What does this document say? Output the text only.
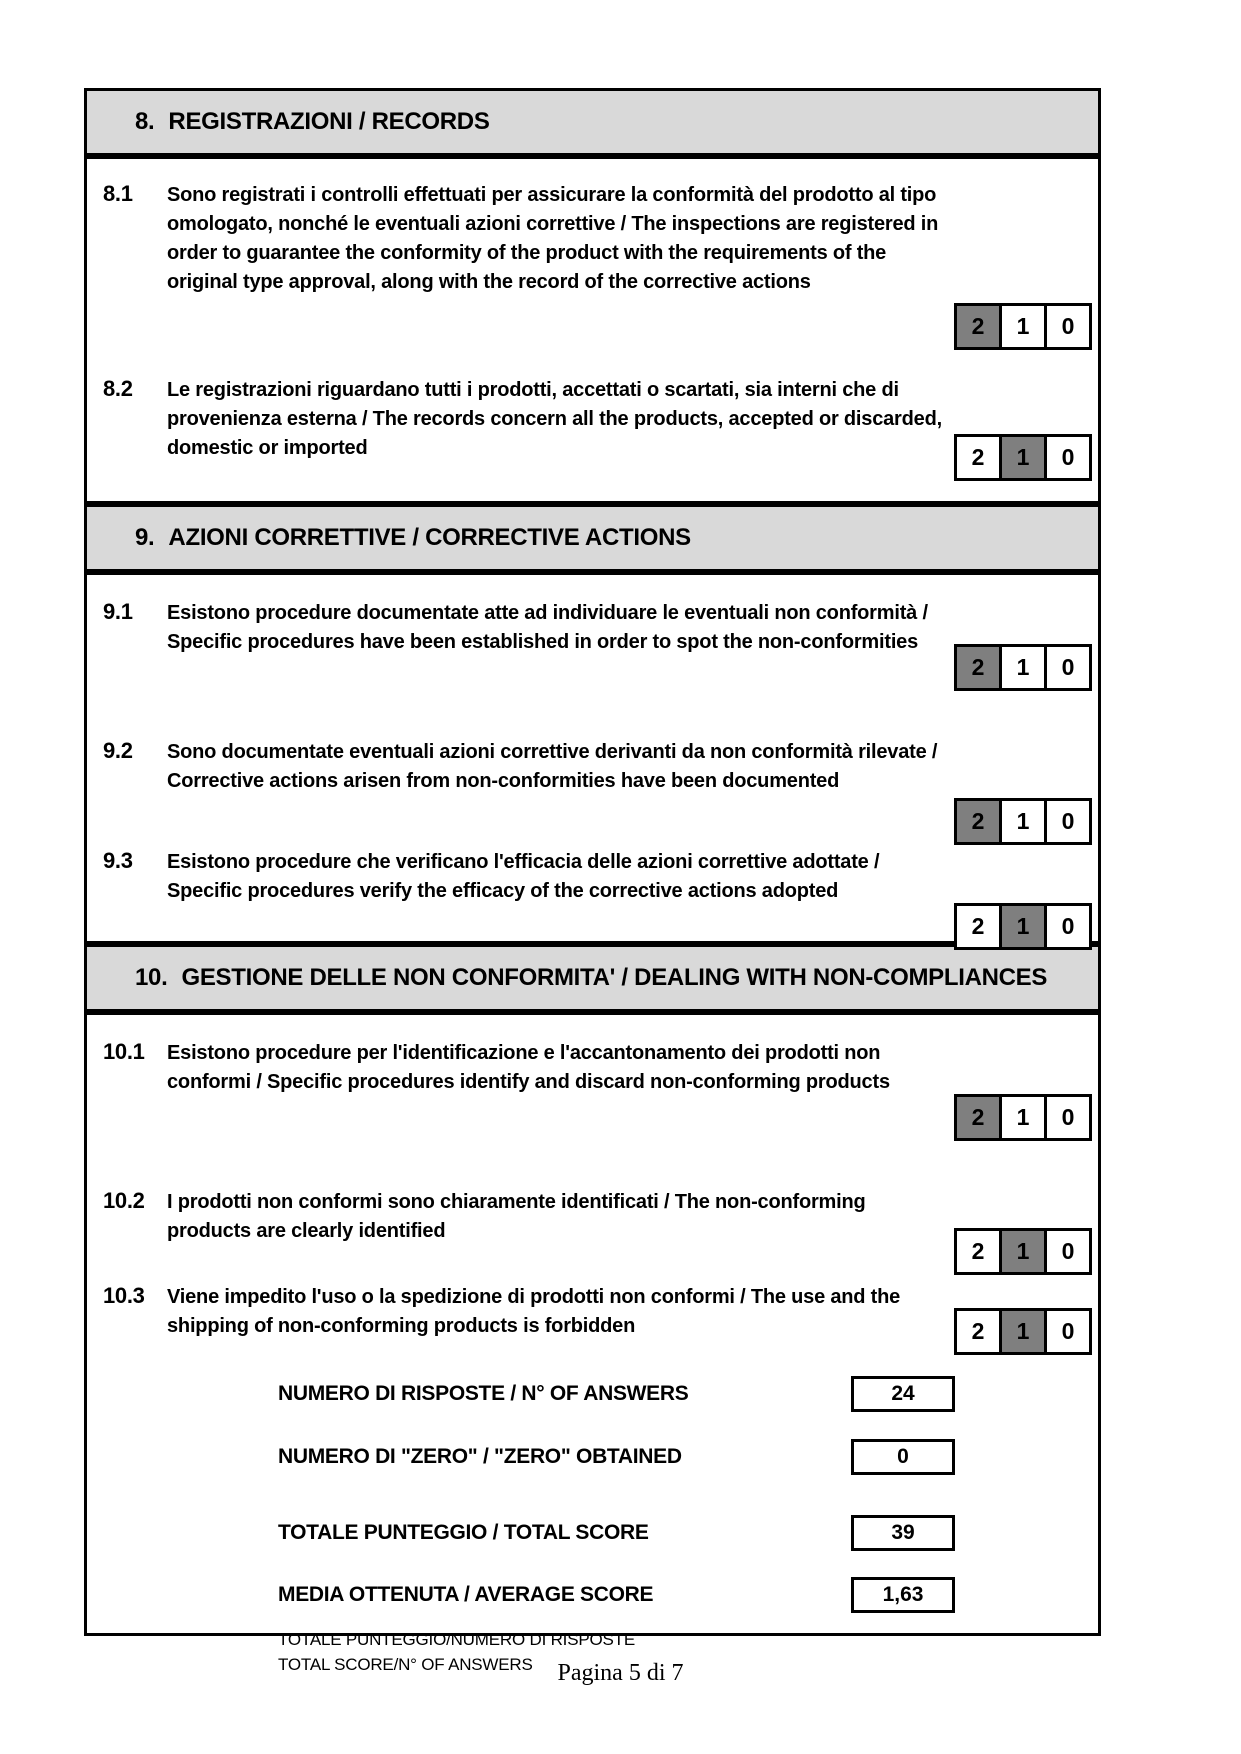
8. REGISTRAZIONI / RECORDS
8.1	Sono registrati i controlli effettuati per assicurare la conformità del prodotto al tipo omologato, nonché le eventuali azioni correttive / The inspections are registered in order to guarantee the conformity of the product with the requirements of the original type approval, along with the record of the corrective actions
2	1	0
8.2	Le registrazioni riguardano tutti i prodotti, accettati o scartati, sia interni che di provenienza esterna / The records concern all the products, accepted or discarded, domestic or imported	2	1	0
9. AZIONI CORRETTIVE / CORRECTIVE ACTIONS
9.1	Esistono procedure documentate atte ad individuare le eventuali non conformità / Specific procedures have been established in order to spot the non-conformities
2	1	0
9.2	Sono documentate eventuali azioni correttive derivanti da non conformità rilevate / Corrective actions arisen from non-conformities have been documented
2	1	0
9.3	Esistono procedure che verificano l'efficacia delle azioni correttive adottate / Specific procedures verify the efficacy of the corrective actions adopted
2	1	0
10. GESTIONE DELLE NON CONFORMITA' / DEALING WITH NON-COMPLIANCES
10.1	Esistono procedure per l'identificazione e l'accantonamento dei prodotti non conformi / Specific procedures identify and discard non-conforming products
2	1	0
10.2	I prodotti non conformi sono chiaramente identificati / The non-conforming products are clearly identified
2	1	0
10.3	Viene impedito l'uso o la spedizione di prodotti non conformi / The use and the shipping of non-conforming products is forbidden	2	1	0
NUMERO DI RISPOSTE / N° OF ANSWERS	24
NUMERO DI "ZERO" / "ZERO" OBTAINED	0
TOTALE PUNTEGGIO / TOTAL SCORE	39
MEDIA OTTENUTA / AVERAGE SCORE	1,63
TOTALE PUNTEGGIO/NUMERO DI RISPOSTE
TOTAL SCORE/N° OF ANSWERS	Pagina 5 di 7
